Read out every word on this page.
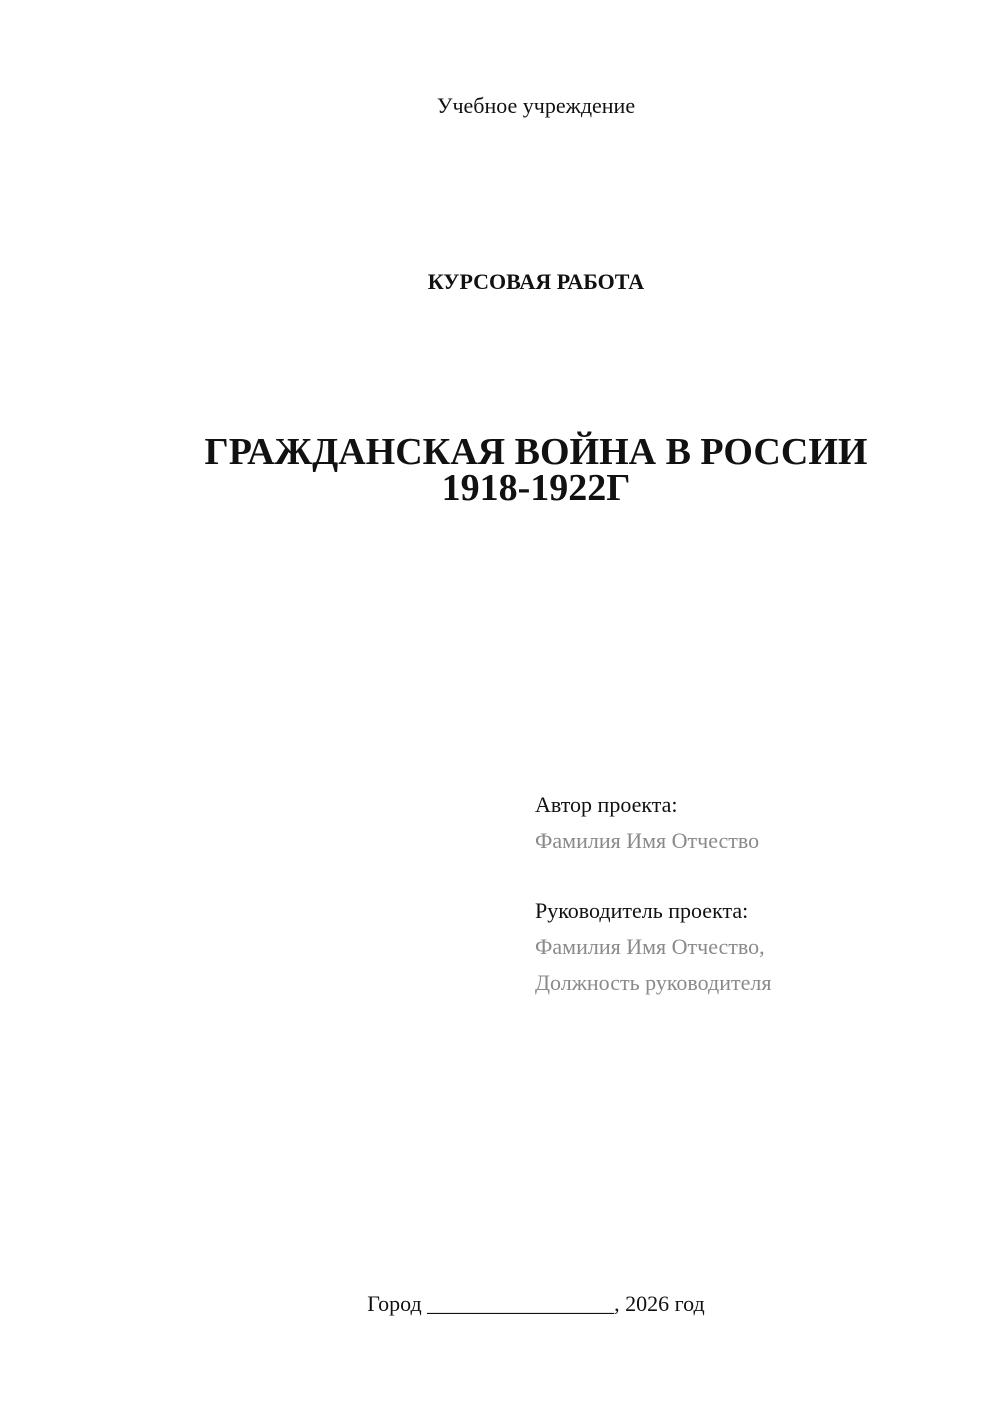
Учебное учреждение
КУРСОВАЯ РАБОТА
ГРАЖДАНСКАЯ ВОЙНА В РОССИИ
1918-1922Г
Автор проекта:
Фамилия Имя Отчество
Руководитель проекта:
Фамилия Имя Отчество,
Должность руководителя
Город _________________, 2026 год
